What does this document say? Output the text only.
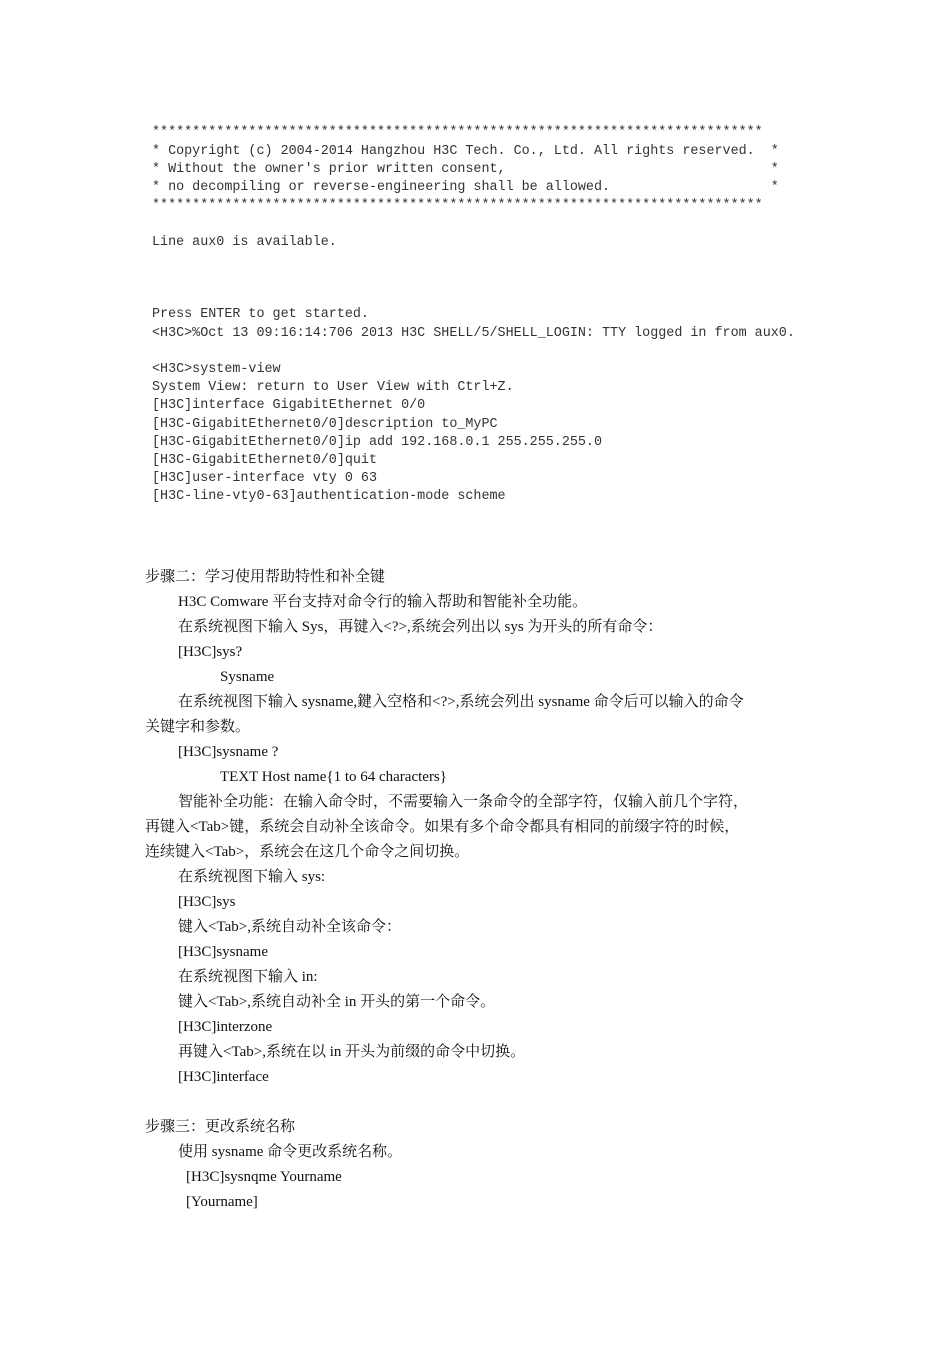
****************************************************************************
* Copyright (c) 2004-2014 Hangzhou H3C Tech. Co., Ltd. All rights reserved.  *
* Without the owner's prior written consent,                                 *
* no decompiling or reverse-engineering shall be allowed.                    *
****************************************************************************
Line aux0 is available.
Press ENTER to get started.
<H3C>%Oct 13 09:16:14:706 2013 H3C SHELL/5/SHELL_LOGIN: TTY logged in from aux0.
<H3C>system-view
System View: return to User View with Ctrl+Z.
[H3C]interface GigabitEthernet 0/0
[H3C-GigabitEthernet0/0]description to_MyPC
[H3C-GigabitEthernet0/0]ip add 192.168.0.1 255.255.255.0
[H3C-GigabitEthernet0/0]quit
[H3C]user-interface vty 0 63
[H3C-line-vty0-63]authentication-mode scheme
步骤二：学习使用帮助特性和补全键
H3C Comware 平台支持对命令行的输入帮助和智能补全功能。
在系统视图下输入 Sys，再键入<?>,系统会列出以 sys 为开头的所有命令：
[H3C]sys?
Sysname
在系统视图下输入 sysname,鍵入空格和<?>,系统会列出 sysname 命令后可以输入的命令
关键字和参数。
[H3C]sysname ?
TEXT Host name{1 to 64 characters}
智能补全功能：在输入命令时，不需要输入一条命令的全部字符，仅输入前几个字符，
再键入<Tab>键，系统会自动补全该命令。如果有多个命令都具有相同的前缀字符的时候，
连续键入<Tab>，系统会在这几个命令之间切换。
在系统视图下输入 sys:
[H3C]sys
键入<Tab>,系统自动补全该命令：
[H3C]sysname
在系统视图下输入 in:
键入<Tab>,系统自动补全 in 开头的第一个命令。
[H3C]interzone
再键入<Tab>,系统在以 in 开头为前缀的命令中切换。
[H3C]interface
步骤三：更改系统名称
使用 sysname 命令更改系统名称。
[H3C]sysnqme Yourname
[Yourname]
